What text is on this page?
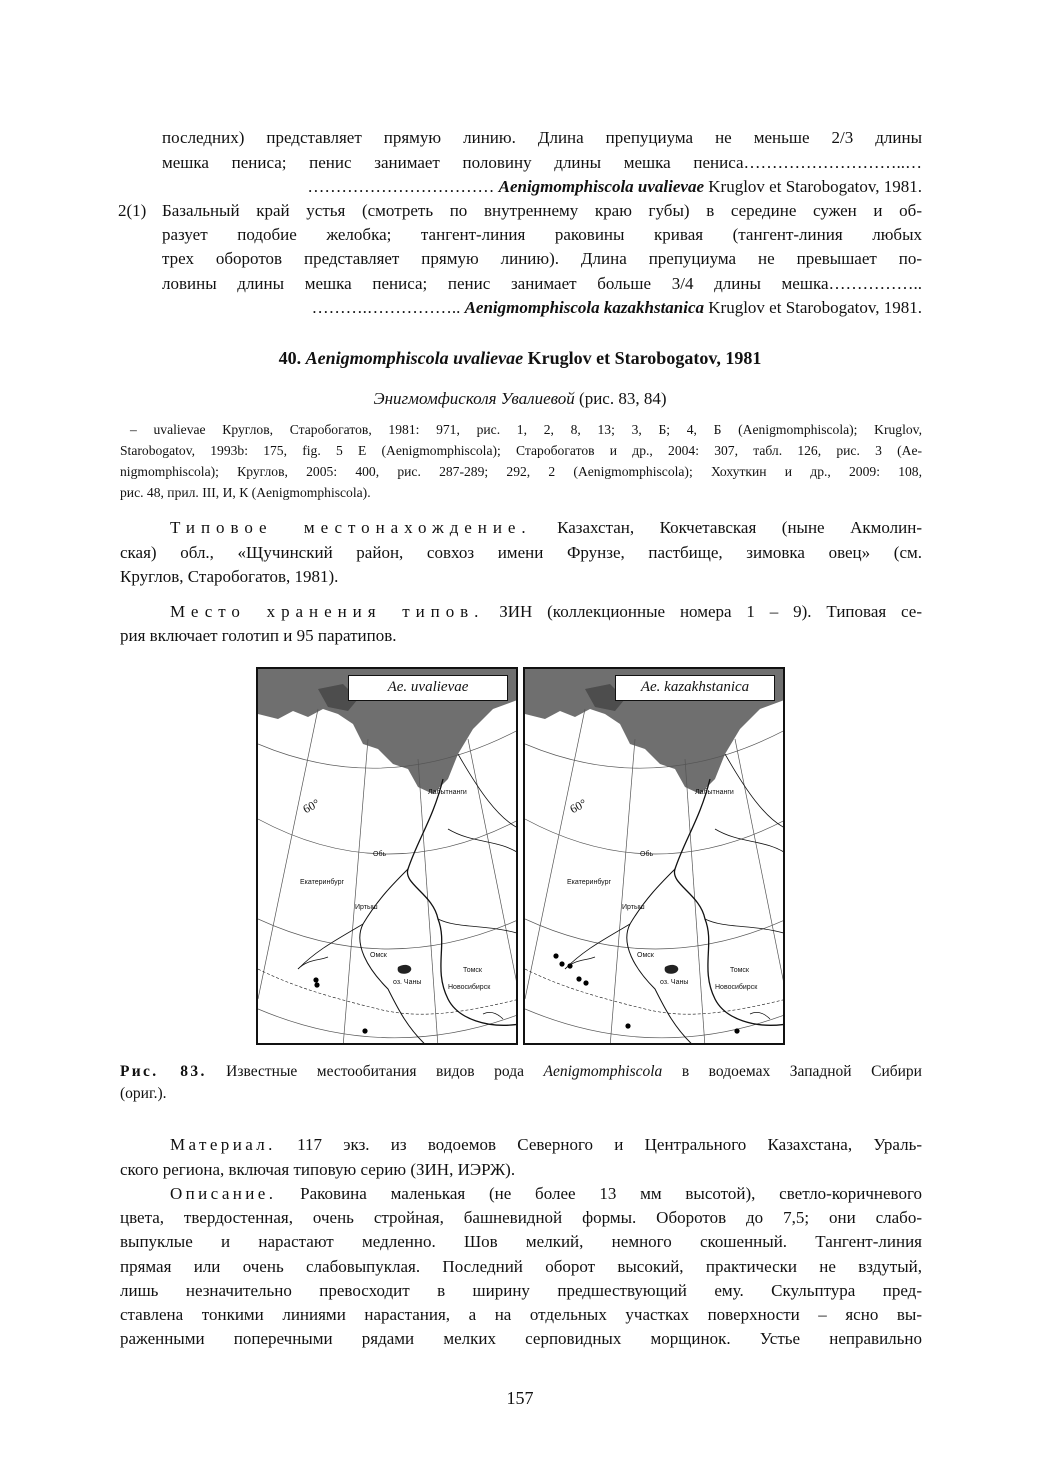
последних) представляет прямую линию. Длина препуциума не меньше 2/3 длины
мешка пениса; пенис занимает половину длины мешка пениса………………………..…
…………………………… Aenigmomphiscola uvalievae Kruglov et Starobogatov, 1981.
2(1) Базальный край устья (смотреть по внутреннему краю губы) в середине сужен и об-
разует подобие желобка; тангент-линия раковины кривая (тангент-линия любых
трех оборотов представляет прямую линию). Длина препуциума не превышает по-
ловины длины мешка пениса; пенис занимает больше 3/4 длины мешка……………..
……….…………….. Aenigmomphiscola kazakhstanica Kruglov et Starobogatov, 1981.
40. Aenigmomphiscola uvalievae Kruglov et Starobogatov, 1981
Энигмомфисколя Увалиевой (рис. 83, 84)
– uvalievae Круглов, Старобогатов, 1981: 971, рис. 1, 2, 8, 13; 3, Б; 4, Б (Aenigmomphiscola); Kruglov,
Starobogatov, 1993b: 175, fig. 5 E (Aenigmomphiscola); Старобогатов и др., 2004: 307, табл. 126, рис. 3 (Ae-
nigmomphiscola); Круглов, 2005: 400, рис. 287-289; 292, 2 (Aenigmomphiscola); Хохуткин и др., 2009: 108,
рис. 48, прил. III, И, К (Aenigmomphiscola).
Типовое местонахождение. Казахстан, Кокчетавская (ныне Акмолин-
ская) обл., «Щучинский район, совхоз имени Фрунзе, пастбище, зимовка овец» (см.
Круглов, Старобогатов, 1981).
Место хранения типов. ЗИН (коллекционные номера 1 – 9). Типовая се-
рия включает голотип и 95 паратипов.
Ae. uvalievae
60°
Обь
Екатеринбург
Иртыш
Омск
оз. Чаны
Томск
Новосибирск
Лабытнанги
Ae. kazakhstanica
60°
Обь
Екатеринбург
Иртыш
Омск
оз. Чаны
Томск
Новосибирск
Лабытнанги
Рис. 83. Известные местообитания видов рода Aenigmomphiscola в водоемах Западной Сибири
(ориг.).
Материал. 117 экз. из водоемов Северного и Центрального Казахстана, Ураль-
ского региона, включая типовую серию (ЗИН, ИЭРЖ).
Описание. Раковина маленькая (не более 13 мм высотой), светло-коричневого
цвета, твердостенная, очень стройная, башневидной формы. Оборотов до 7,5; они слабо-
выпуклые и нарастают медленно. Шов мелкий, немного скошенный. Тангент-линия
прямая или очень слабовыпуклая. Последний оборот высокий, практически не вздутый,
лишь незначительно превосходит в ширину предшествующий ему. Скульптура пред-
ставлена тонкими линиями нарастания, а на отдельных участках поверхности – ясно вы-
раженными поперечными рядами мелких серповидных морщинок. Устье неправильно
157
